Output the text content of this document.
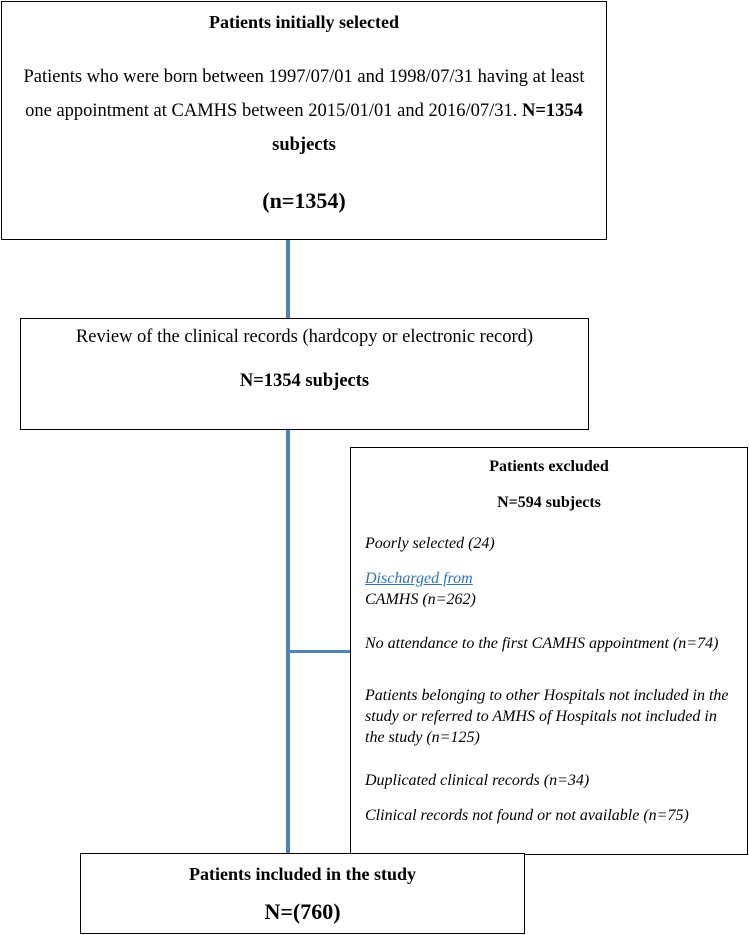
Patients initially selected

Patients who were born between 1997/07/01 and 1998/07/31 having at least one appointment at CAMHS between 2015/01/01 and 2016/07/31. N=1354 subjects

(n=1354)

Review of the clinical records (hardcopy or electronic record)

N=1354 subjects

Patients excluded

N=594 subjects

Poorly selected (24)

Discharged from
CAMHS (n=262)

No attendance to the first CAMHS appointment (n=74)

Patients belonging to other Hospitals not included in the study or referred to AMHS of Hospitals not included in the study (n=125)

Duplicated clinical records (n=34)

Clinical records not found or not available (n=75)

Patients included in the study

N=(760)
